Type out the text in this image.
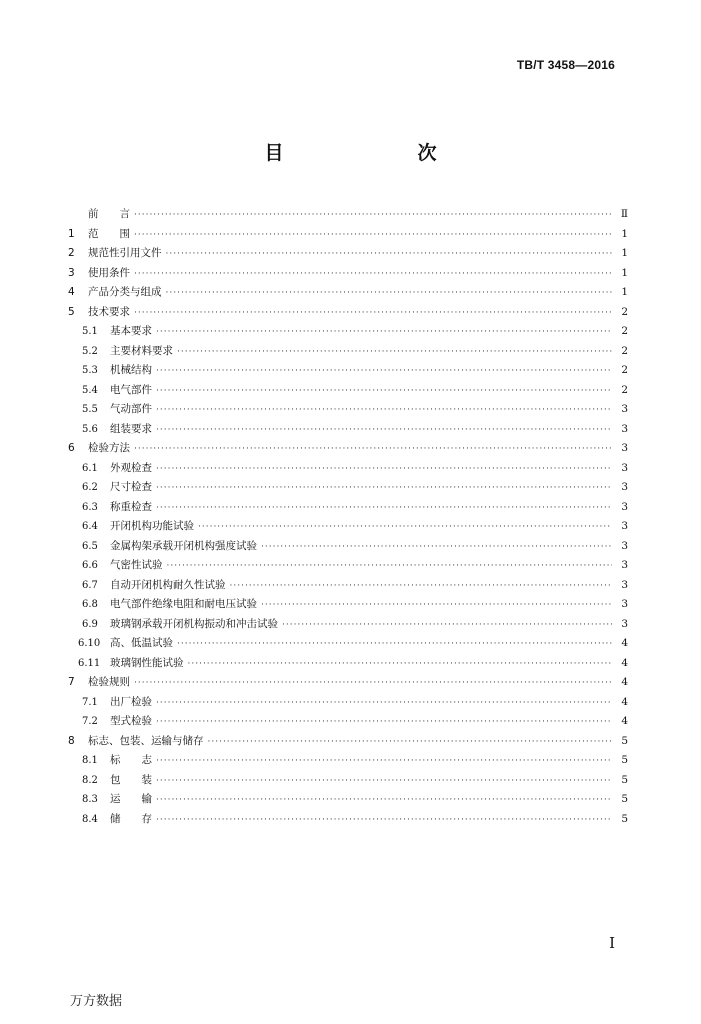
TB/T 3458—2016
目　　次
前　　言 ·····	Ⅱ
1	范　　围 ·····	1
2	规范性引用文件 ·····	1
3	使用条件 ·····	1
4	产品分类与组成 ·····	1
5	技术要求 ·····	2
5.1	基本要求 ·····	2
5.2	主要材料要求 ·····	2
5.3	机械结构 ·····	2
5.4	电气部件 ·····	2
5.5	气动部件 ·····	3
5.6	组装要求 ·····	3
6	检验方法 ·····	3
6.1	外观检查 ·····	3
6.2	尺寸检查 ·····	3
6.3	称重检查 ·····	3
6.4	开闭机构功能试验 ·····	3
6.5	金属构架承载开闭机构强度试验 ·····	3
6.6	气密性试验 ·····	3
6.7	自动开闭机构耐久性试验 ·····	3
6.8	电气部件绝缘电阻和耐电压试验 ·····	3
6.9	玻璃钢承载开闭机构振动和冲击试验 ·····	3
6.10 高、低温试验 ·····	4
6.11 玻璃钢性能试验 ·····	4
7	检验规则 ·····	4
7.1	出厂检验 ·····	4
7.2	型式检验 ·····	4
8	标志、包装、运输与储存 ·····	5
8.1	标　　志 ·····	5
8.2	包　　装 ·····	5
8.3	运　　输 ·····	5
8.4	储　　存 ·····	5
I
万方数据
